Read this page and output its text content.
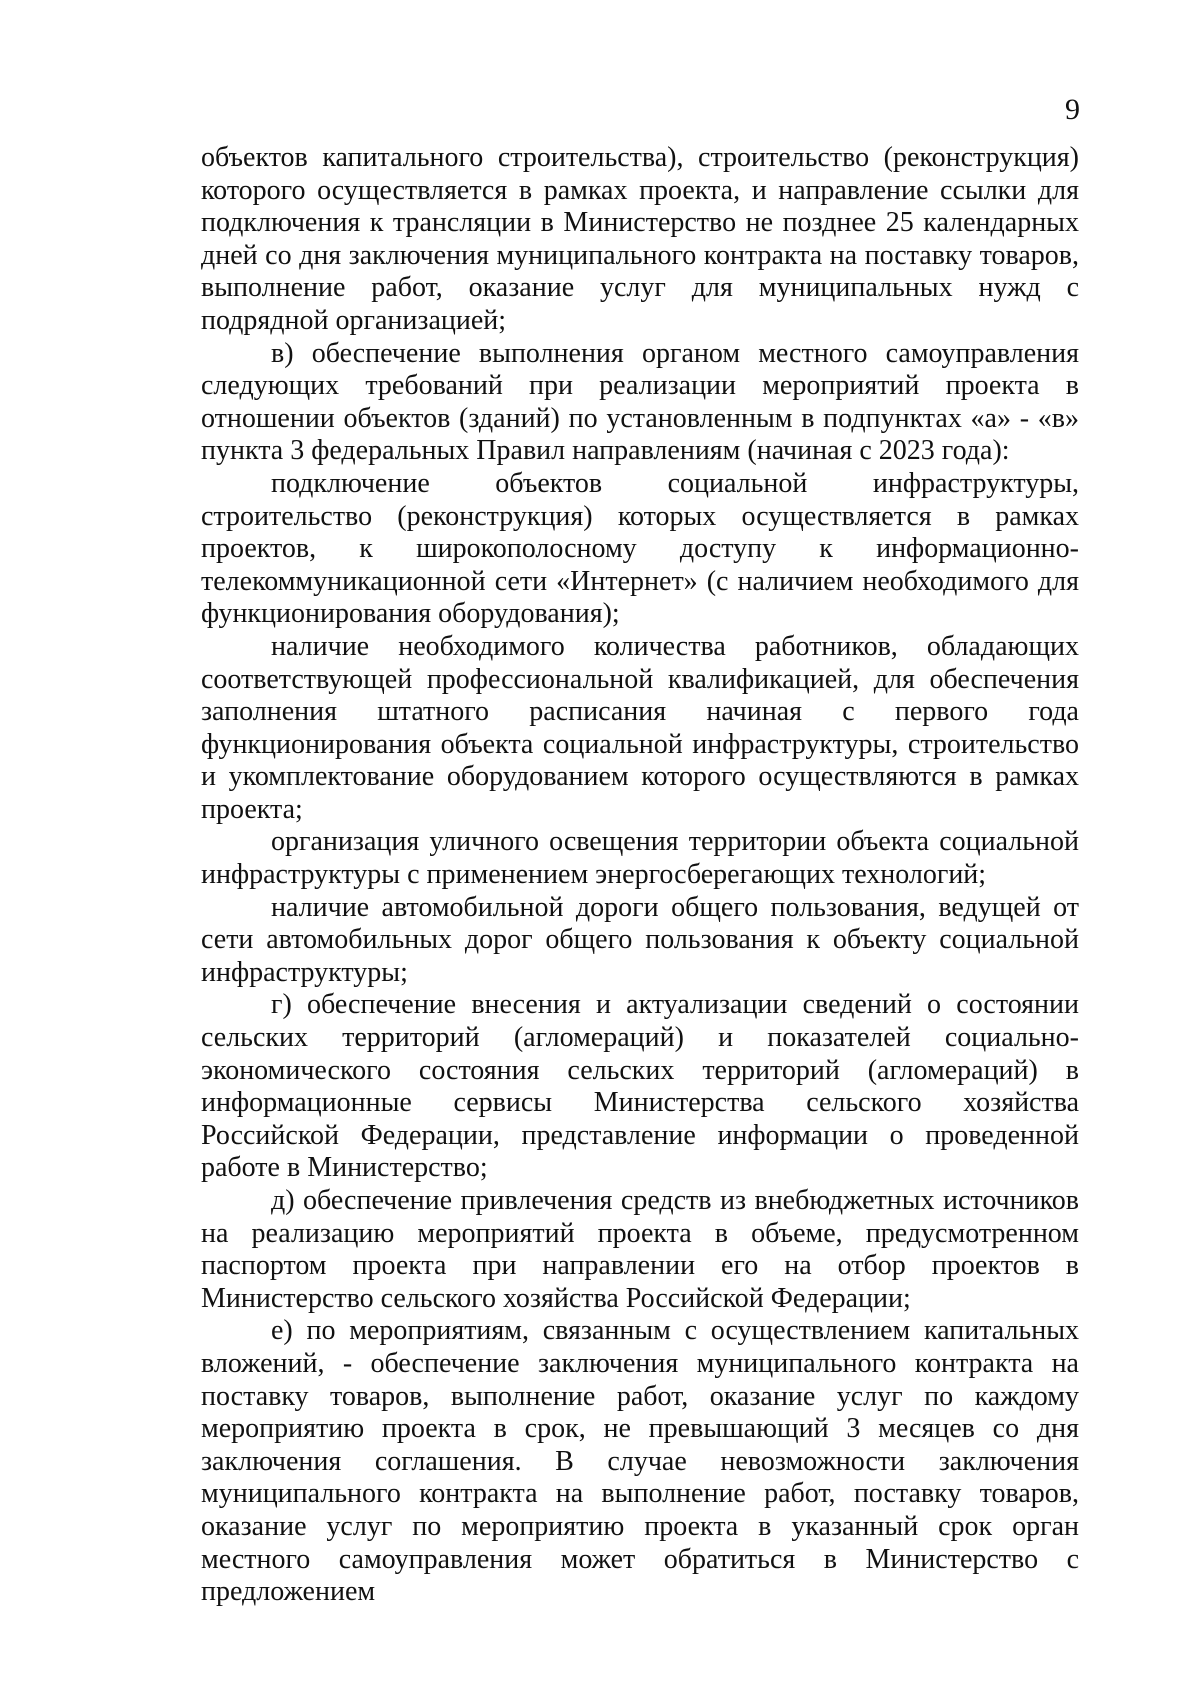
9

объектов капитального строительства), строительство (реконструкция) которого осуществляется в рамках проекта, и направление ссылки для подключения к трансляции в Министерство не позднее 25 календарных дней со дня заключения муниципального контракта на поставку товаров, выполнение работ, оказание услуг для муниципальных нужд с подрядной организацией;

в) обеспечение выполнения органом местного самоуправления следующих требований при реализации мероприятий проекта в отношении объектов (зданий) по установленным в подпунктах «а» - «в» пункта 3 федеральных Правил направлениям (начиная с 2023 года):

подключение объектов социальной инфраструктуры, строительство (реконструкция) которых осуществляется в рамках проектов, к широкополосному доступу к информационно-телекоммуникационной сети «Интернет» (с наличием необходимого для функционирования оборудования);

наличие необходимого количества работников, обладающих соответствующей профессиональной квалификацией, для обеспечения заполнения штатного расписания начиная с первого года функционирования объекта социальной инфраструктуры, строительство и укомплектование оборудованием которого осуществляются в рамках проекта;

организация уличного освещения территории объекта социальной инфраструктуры с применением энергосберегающих технологий;

наличие автомобильной дороги общего пользования, ведущей от сети автомобильных дорог общего пользования к объекту социальной инфраструктуры;

г) обеспечение внесения и актуализации сведений о состоянии сельских территорий (агломераций) и показателей социально-экономического состояния сельских территорий (агломераций) в информационные сервисы Министерства сельского хозяйства Российской Федерации, представление информации о проведенной работе в Министерство;

д) обеспечение привлечения средств из внебюджетных источников на реализацию мероприятий проекта в объеме, предусмотренном паспортом проекта при направлении его на отбор проектов в Министерство сельского хозяйства Российской Федерации;

е) по мероприятиям, связанным с осуществлением капитальных вложений, - обеспечение заключения муниципального контракта на поставку товаров, выполнение работ, оказание услуг по каждому мероприятию проекта в срок, не превышающий 3 месяцев со дня заключения соглашения. В случае невозможности заключения муниципального контракта на выполнение работ, поставку товаров, оказание услуг по мероприятию проекта в указанный срок орган местного самоуправления может обратиться в Министерство с предложением
